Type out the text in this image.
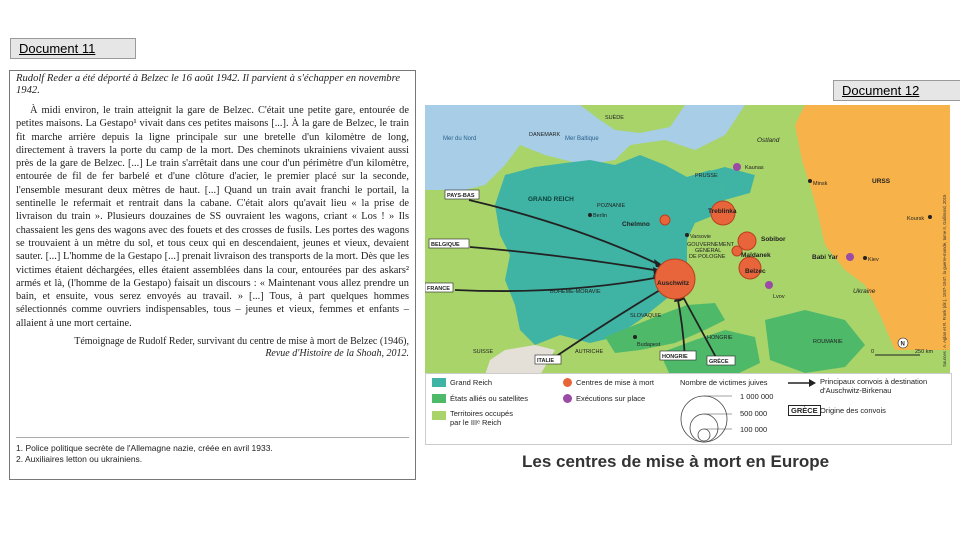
Document 11
Rudolf Reder a été déporté à Belzec le 16 août 1942. Il parvient à s'échapper en novembre 1942.

À midi environ, le train atteignit la gare de Belzec. C'était une petite gare, entourée de petites maisons. La Gestapo¹ vivait dans ces petites maisons [...]. À la gare de Belzec, le train fit marche arrière depuis la ligne principale sur une bretelle d'un kilomètre de long, directement à travers la porte du camp de la mort. Des cheminots ukrainiens vivaient aussi près de la gare de Belzec. [...] Le train s'arrêtait dans une cour d'un périmètre d'un kilomètre, entourée de fil de fer barbelé et d'une clôture d'acier, le premier placé sur la seconde, l'ensemble mesurant deux mètres de haut. [...] Quand un train avait franchi le portail, la sentinelle le refermait et rentrait dans la cabane. C'était alors qu'avait lieu « la prise de livraison du train ». Plusieurs douzaines de SS ouvraient les wagons, criant « Los ! » Ils chassaient les gens des wagons avec des fouets et des crosses de fusils. Les portes des wagons se trouvaient à un mètre du sol, et tous ceux qui en descendaient, jeunes et vieux, devaient sauter. [...] L'homme de la Gestapo [...] prenait livraison des transports de la mort. Dès que les victimes étaient déchargées, elles étaient assemblées dans la cour, entourées par des askars² armés et là, (l'homme de la Gestapo) faisait un discours : « Maintenant vous allez prendre un bain, et ensuite, vous serez envoyés au travail. » [...] Tous, à part quelques hommes sélectionnés comme ouvriers indispensables, tous – jeunes et vieux, femmes et enfants – allaient à une mort certaine.

Témoignage de Rudolf Reder, survivant du centre de mise à mort de Belzec (1946),
Revue d'Histoire de la Shoah, 2012.
1. Police politique secrète de l'Allemagne nazie, créée en avril 1933.
2. Auxiliaires letton ou ukrainiens.
Document 12
Mer du Nord	Mer Baltique
SUÈDE
DANEMARK
PRUSSE
Kaunas
Minsk
POZNANIE
Berlin	Koursk
Varsovie
GOUVERNEMENT
GÉNÉRAL
DE POLOGNE	Kiev
BOHÊME-MORAVIE
Lvov
SLOVAQUIE
HONGRIE
SUISSE	AUTRICHE
Budapest	ROUMANIE
Ostland
URSS
GRAND REICH
Chelmno
Treblinka
Sobibor
Maïdanek	Babi Yar
Belzec
Auschwitz
Ukraine
PAYS-BAS
BELGIQUE
FRANCE
ITALIE
HONGRIE
GRÈCE
N
0	250 km Sources : A. Aglan et R. Frank (dir.), 1937-1947, la guerre-monde, tome II, Gallimard, 2015
Grand Reich
États alliés ou satellites
Territoires occupés
par le IIIᵉ Reich
Centres de mise à mort
Exécutions sur place
Nombre de victimes juives
1 000 000
500 000
100 000
Principaux convois à destination
d'Auschwitz-Birkenau
GRÈCE Origine des convois
Les centres de mise à mort en Europe
